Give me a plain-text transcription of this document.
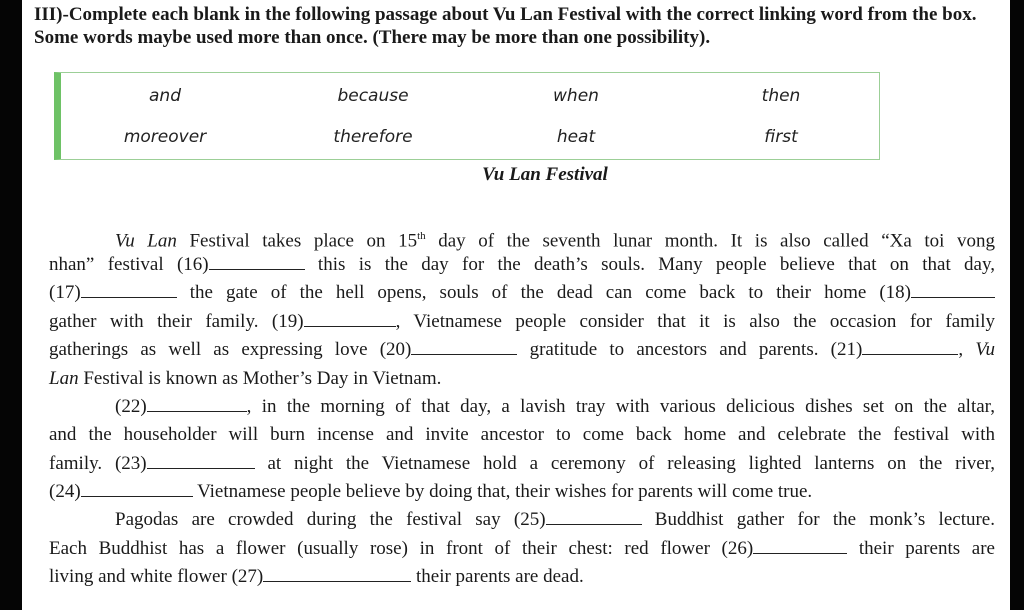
III)-Complete each blank in the following passage about Vu Lan Festival with the correct linking word from the box. Some words maybe used more than once. (There may be more than one possibility).
and	because	when	then
moreover	therefore	heat	first
Vu Lan Festival
Vu Lan Festival takes place on 15th day of the seventh lunar month. It is also called “Xa toi vong
nhan” festival (16)	this is the day for the death’s souls. Many people believe that on that day,
(17)	the gate of the hell opens, souls of the dead can come back to their home (18)
gather with their family. (19)	, Vietnamese people consider that it is also the occasion for family
gatherings as well as expressing love (20)	gratitude to ancestors and parents. (21)	, Vu
Lan Festival is known as Mother’s Day in Vietnam.
(22)	, in the morning of that day, a lavish tray with various delicious dishes set on the altar,
and the householder will burn incense and invite ancestor to come back home and celebrate the festival with
family. (23)	at night the Vietnamese hold a ceremony of releasing lighted lanterns on the river,
(24)	Vietnamese people believe by doing that, their wishes for parents will come true.
Pagodas are crowded during the festival say (25)	Buddhist gather for the monk’s lecture.
Each Buddhist has a flower (usually rose) in front of their chest: red flower (26)	their parents are
living and white flower (27)	their parents are dead.
